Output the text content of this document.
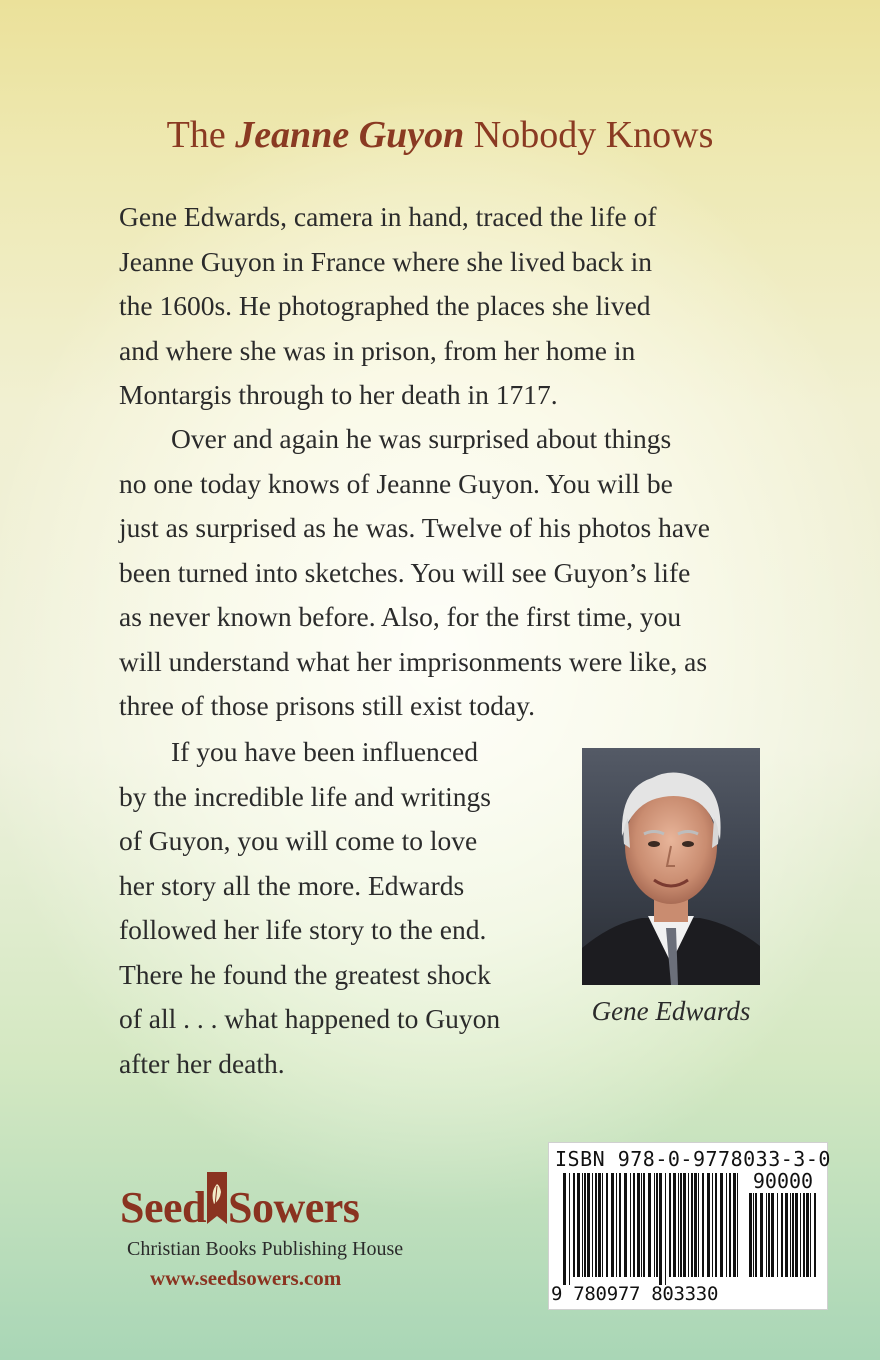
The Jeanne Guyon Nobody Knows
Gene Edwards, camera in hand, traced the life of
Jeanne Guyon in France where she lived back in
the 1600s. He photographed the places she lived
and where she was in prison, from her home in
Montargis through to her death in 1717.
Over and again he was surprised about things
no one today knows of Jeanne Guyon. You will be
just as surprised as he was. Twelve of his photos have
been turned into sketches. You will see Guyon’s life
as never known before. Also, for the first time, you
will understand what her imprisonments were like, as
three of those prisons still exist today.
If you have been influenced
by the incredible life and writings
of Guyon, you will come to love
her story all the more. Edwards
followed her life story to the end.
There he found the greatest shock
of all . . . what happened to Guyon
after her death.
Gene Edwards
Seed Sowers
Christian Books Publishing House
www.seedsowers.com
ISBN 978-0-9778033-3-0
90000
9 780977 803330
